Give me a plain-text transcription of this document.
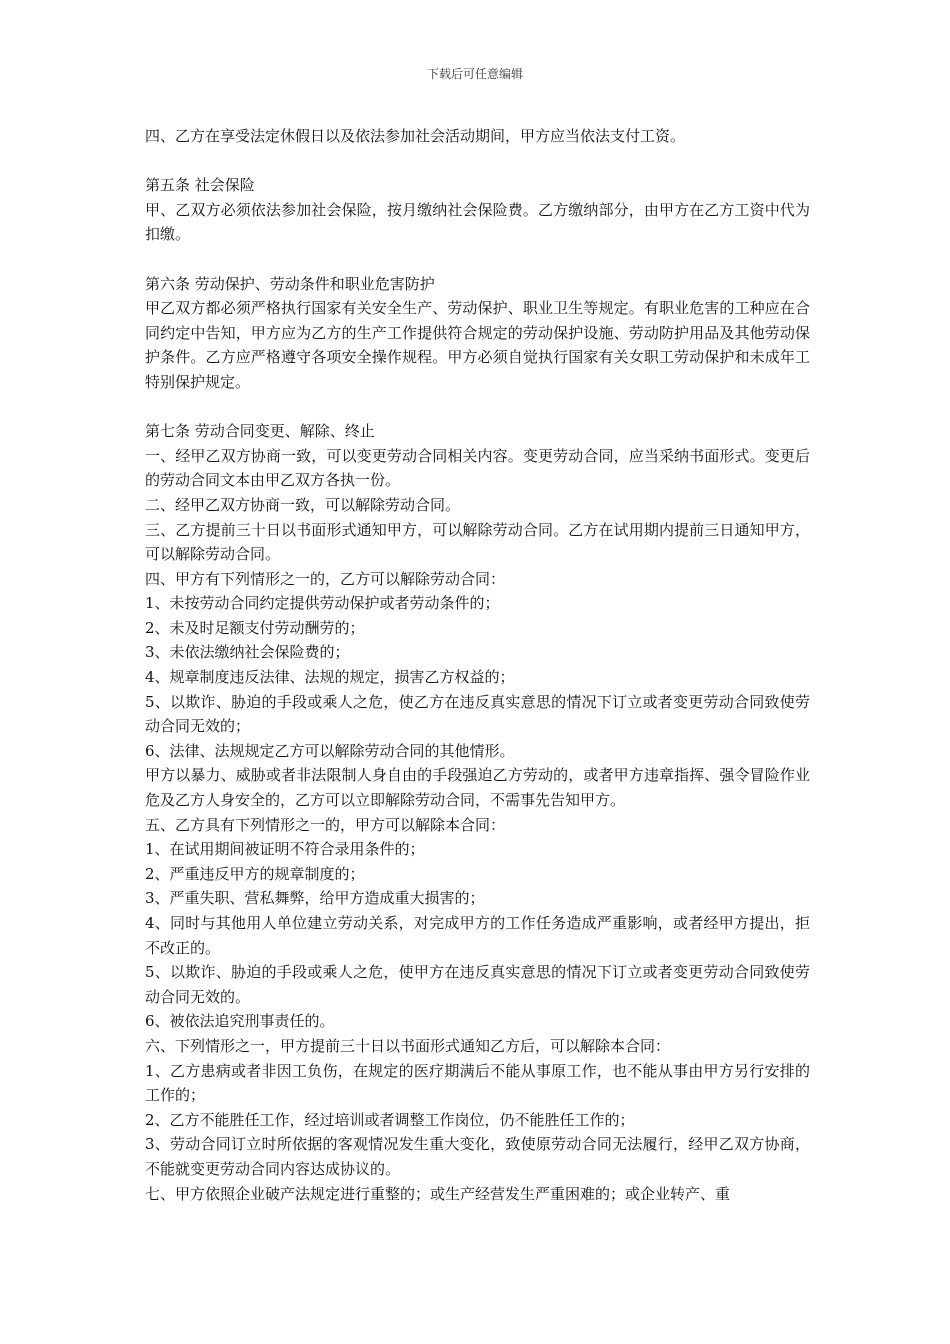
下载后可任意编辑

四、乙方在享受法定休假日以及依法参加社会活动期间，甲方应当依法支付工资。

第五条 社会保险

甲、乙双方必须依法参加社会保险，按月缴纳社会保险费。乙方缴纳部分，由甲方在乙方工资中代为扣缴。

第六条 劳动保护、劳动条件和职业危害防护

甲乙双方都必须严格执行国家有关安全生产、劳动保护、职业卫生等规定。有职业危害的工种应在合同约定中告知，甲方应为乙方的生产工作提供符合规定的劳动保护设施、劳动防护用品及其他劳动保护条件。乙方应严格遵守各项安全操作规程。甲方必须自觉执行国家有关女职工劳动保护和未成年工特别保护规定。

第七条 劳动合同变更、解除、终止

一、经甲乙双方协商一致，可以变更劳动合同相关内容。变更劳动合同，应当采纳书面形式。变更后的劳动合同文本由甲乙双方各执一份。

二、经甲乙双方协商一致，可以解除劳动合同。

三、乙方提前三十日以书面形式通知甲方，可以解除劳动合同。乙方在试用期内提前三日通知甲方，可以解除劳动合同。

四、甲方有下列情形之一的，乙方可以解除劳动合同：

1、未按劳动合同约定提供劳动保护或者劳动条件的；

2、未及时足额支付劳动酬劳的；

3、未依法缴纳社会保险费的；

4、规章制度违反法律、法规的规定，损害乙方权益的；

5、以欺诈、胁迫的手段或乘人之危，使乙方在违反真实意思的情况下订立或者变更劳动合同致使劳动合同无效的；

6、法律、法规规定乙方可以解除劳动合同的其他情形。

甲方以暴力、威胁或者非法限制人身自由的手段强迫乙方劳动的，或者甲方违章指挥、强令冒险作业危及乙方人身安全的，乙方可以立即解除劳动合同，不需事先告知甲方。

五、乙方具有下列情形之一的，甲方可以解除本合同：

1、在试用期间被证明不符合录用条件的；

2、严重违反甲方的规章制度的；

3、严重失职、营私舞弊，给甲方造成重大损害的；

4、同时与其他用人单位建立劳动关系，对完成甲方的工作任务造成严重影响，或者经甲方提出，拒不改正的。

5、以欺诈、胁迫的手段或乘人之危，使甲方在违反真实意思的情况下订立或者变更劳动合同致使劳动合同无效的。

6、被依法追究刑事责任的。

六、下列情形之一，甲方提前三十日以书面形式通知乙方后，可以解除本合同：

1、乙方患病或者非因工负伤，在规定的医疗期满后不能从事原工作，也不能从事由甲方另行安排的工作的；

2、乙方不能胜任工作，经过培训或者调整工作岗位，仍不能胜任工作的；

3、劳动合同订立时所依据的客观情况发生重大变化，致使原劳动合同无法履行，经甲乙双方协商，不能就变更劳动合同内容达成协议的。

七、甲方依照企业破产法规定进行重整的；或生产经营发生严重困难的；或企业转产、重
